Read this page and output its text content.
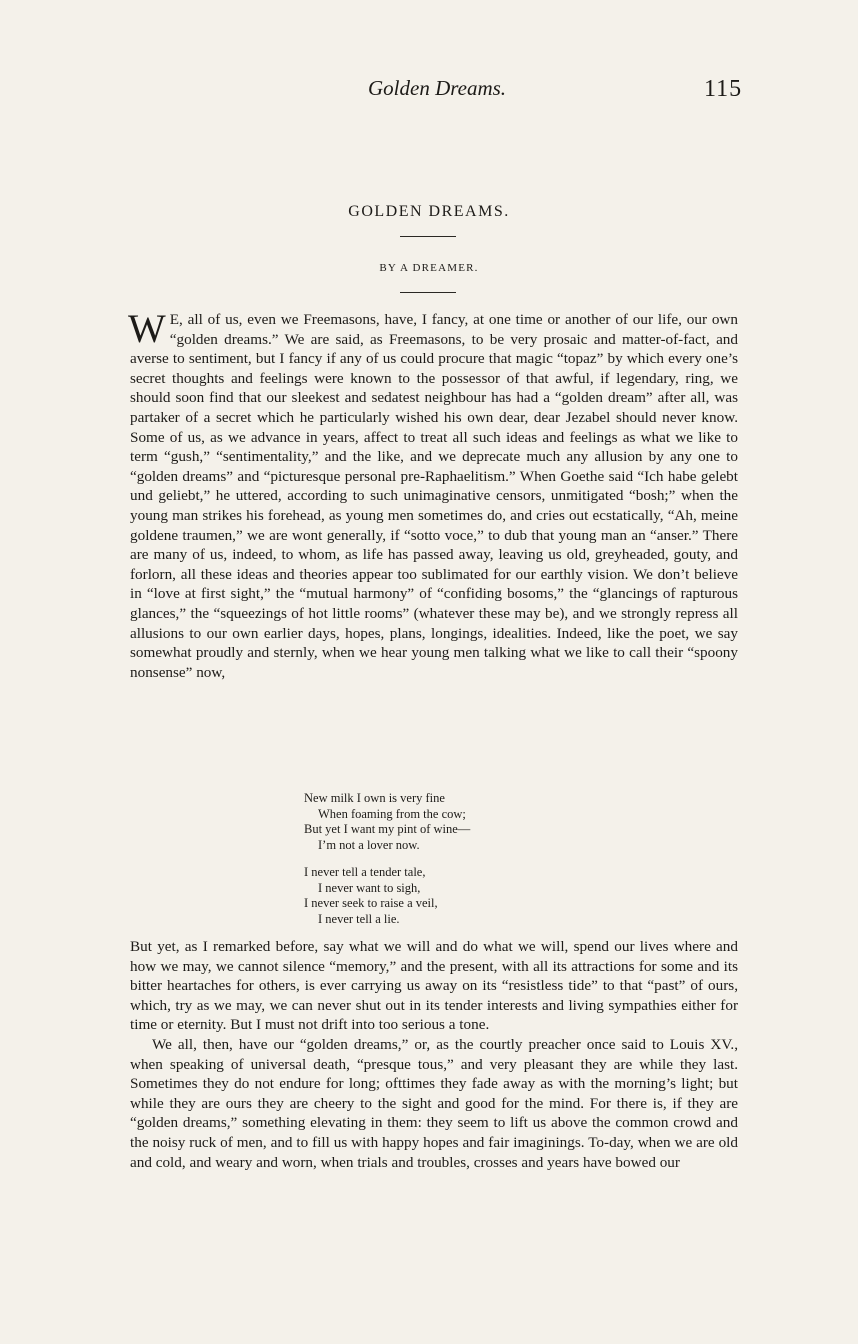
Golden Dreams.	115
GOLDEN DREAMS.
BY A DREAMER.

W E, all of us, even we Freemasons, have, I fancy, at one time or another of our life, our own “golden dreams.” We are said, as Freemasons, to be very prosaic and matter-of-fact, and averse to sentiment, but I fancy if any of us could procure that magic “topaz” by which every one’s secret thoughts and feelings were known to the possessor of that awful, if legendary, ring, we should soon find that our sleekest and sedatest neighbour has had a “golden dream” after all, was partaker of a secret which he particularly wished his own dear, dear Jezabel should never know. Some of us, as we advance in years, affect to treat all such ideas and feelings as what we like to term “gush,” “sentimentality,” and the like, and we deprecate much any allusion by any one to “golden dreams” and “picturesque personal pre-Raphaelitism.” When Goethe said “Ich habe gelebt und geliebt,” he uttered, according to such unimaginative censors, unmitigated “bosh;” when the young man strikes his forehead, as young men sometimes do, and cries out ecstatically, “Ah, meine goldene traumen,” we are wont generally, if “sotto voce,” to dub that young man an “anser.” There are many of us, indeed, to whom, as life has passed away, leaving us old, greyheaded, gouty, and forlorn, all these ideas and theories appear too sublimated for our earthly vision. We don’t believe in “love at first sight,” the “mutual harmony” of “confiding bosoms,” the “glancings of rapturous glances,” the “squeezings of hot little rooms” (whatever these may be), and we strongly repress all allusions to our own earlier days, hopes, plans, longings, idealities. Indeed, like the poet, we say somewhat proudly and sternly, when we hear young men talking what we like to call their “spoony nonsense” now,

New milk I own is very fine
When foaming from the cow;
But yet I want my pint of wine—
I’m not a lover now.
I never tell a tender tale,
I never want to sigh,
I never seek to raise a veil,
I never tell a lie.

But yet, as I remarked before, say what we will and do what we will, spend our lives where and how we may, we cannot silence “memory,” and the present, with all its attractions for some and its bitter heartaches for others, is ever carrying us away on its “resistless tide” to that “past” of ours, which, try as we may, we can never shut out in its tender interests and living sympathies either for time or eternity. But I must not drift into too serious a tone.

We all, then, have our “golden dreams,” or, as the courtly preacher once said to Louis XV., when speaking of universal death, “presque tous,” and very pleasant they are while they last. Sometimes they do not endure for long; ofttimes they fade away as with the morning’s light; but while they are ours they are cheery to the sight and good for the mind. For there is, if they are “golden dreams,” something elevating in them: they seem to lift us above the common crowd and the noisy ruck of men, and to fill us with happy hopes and fair imaginings. To-day, when we are old and cold, and weary and worn, when trials and troubles, crosses and years have bowed our
